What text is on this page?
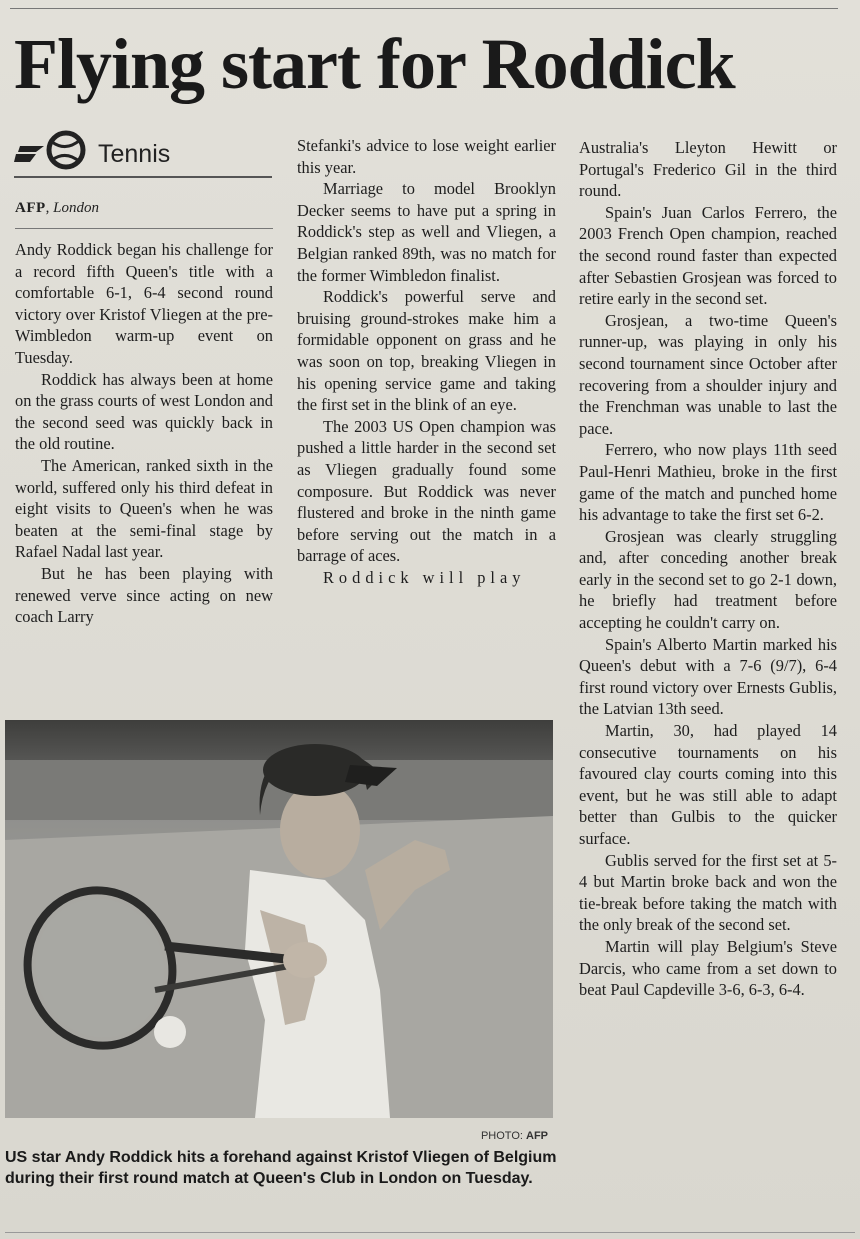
Flying start for Roddick
Tennis
AFP, London

Andy Roddick began his challenge for a record fifth Queen's title with a comfortable 6-1, 6-4 second round victory over Kristof Vliegen at the pre-Wimbledon warm-up event on Tuesday.

Roddick has always been at home on the grass courts of west London and the second seed was quickly back in the old routine.

The American, ranked sixth in the world, suffered only his third defeat in eight visits to Queen's when he was beaten at the semi-final stage by Rafael Nadal last year.

But he has been playing with renewed verve since acting on new coach Larry

Stefanki's advice to lose weight earlier this year.

Marriage to model Brooklyn Decker seems to have put a spring in Roddick's step as well and Vliegen, a Belgian ranked 89th, was no match for the former Wimbledon finalist.

Roddick's powerful serve and bruising ground-strokes make him a formidable opponent on grass and he was soon on top, breaking Vliegen in his opening service game and taking the first set in the blink of an eye.

The 2003 US Open champion was pushed a little harder in the second set as Vliegen gradually found some composure. But Roddick was never flustered and broke in the ninth game before serving out the match in a barrage of aces.

Roddick will play

Australia's Lleyton Hewitt or Portugal's Frederico Gil in the third round.

Spain's Juan Carlos Ferrero, the 2003 French Open champion, reached the second round faster than expected after Sebastien Grosjean was forced to retire early in the second set.

Grosjean, a two-time Queen's runner-up, was playing in only his second tournament since October after recovering from a shoulder injury and the Frenchman was unable to last the pace.

Ferrero, who now plays 11th seed Paul-Henri Mathieu, broke in the first game of the match and punched home his advantage to take the first set 6-2.

Grosjean was clearly struggling and, after conceding another break early in the second set to go 2-1 down, he briefly had treatment before accepting he couldn't carry on.

Spain's Alberto Martin marked his Queen's debut with a 7-6 (9/7), 6-4 first round victory over Ernests Gublis, the Latvian 13th seed.

Martin, 30, had played 14 consecutive tournaments on his favoured clay courts coming into this event, but he was still able to adapt better than Gulbis to the quicker surface.

Gublis served for the first set at 5-4 but Martin broke back and won the tie-break before taking the match with the only break of the second set.

Martin will play Belgium's Steve Darcis, who came from a set down to beat Paul Capdeville 3-6, 6-3, 6-4.

PHOTO: AFP
US star Andy Roddick hits a forehand against Kristof Vliegen of Belgium during their first round match at Queen's Club in London on Tuesday.
